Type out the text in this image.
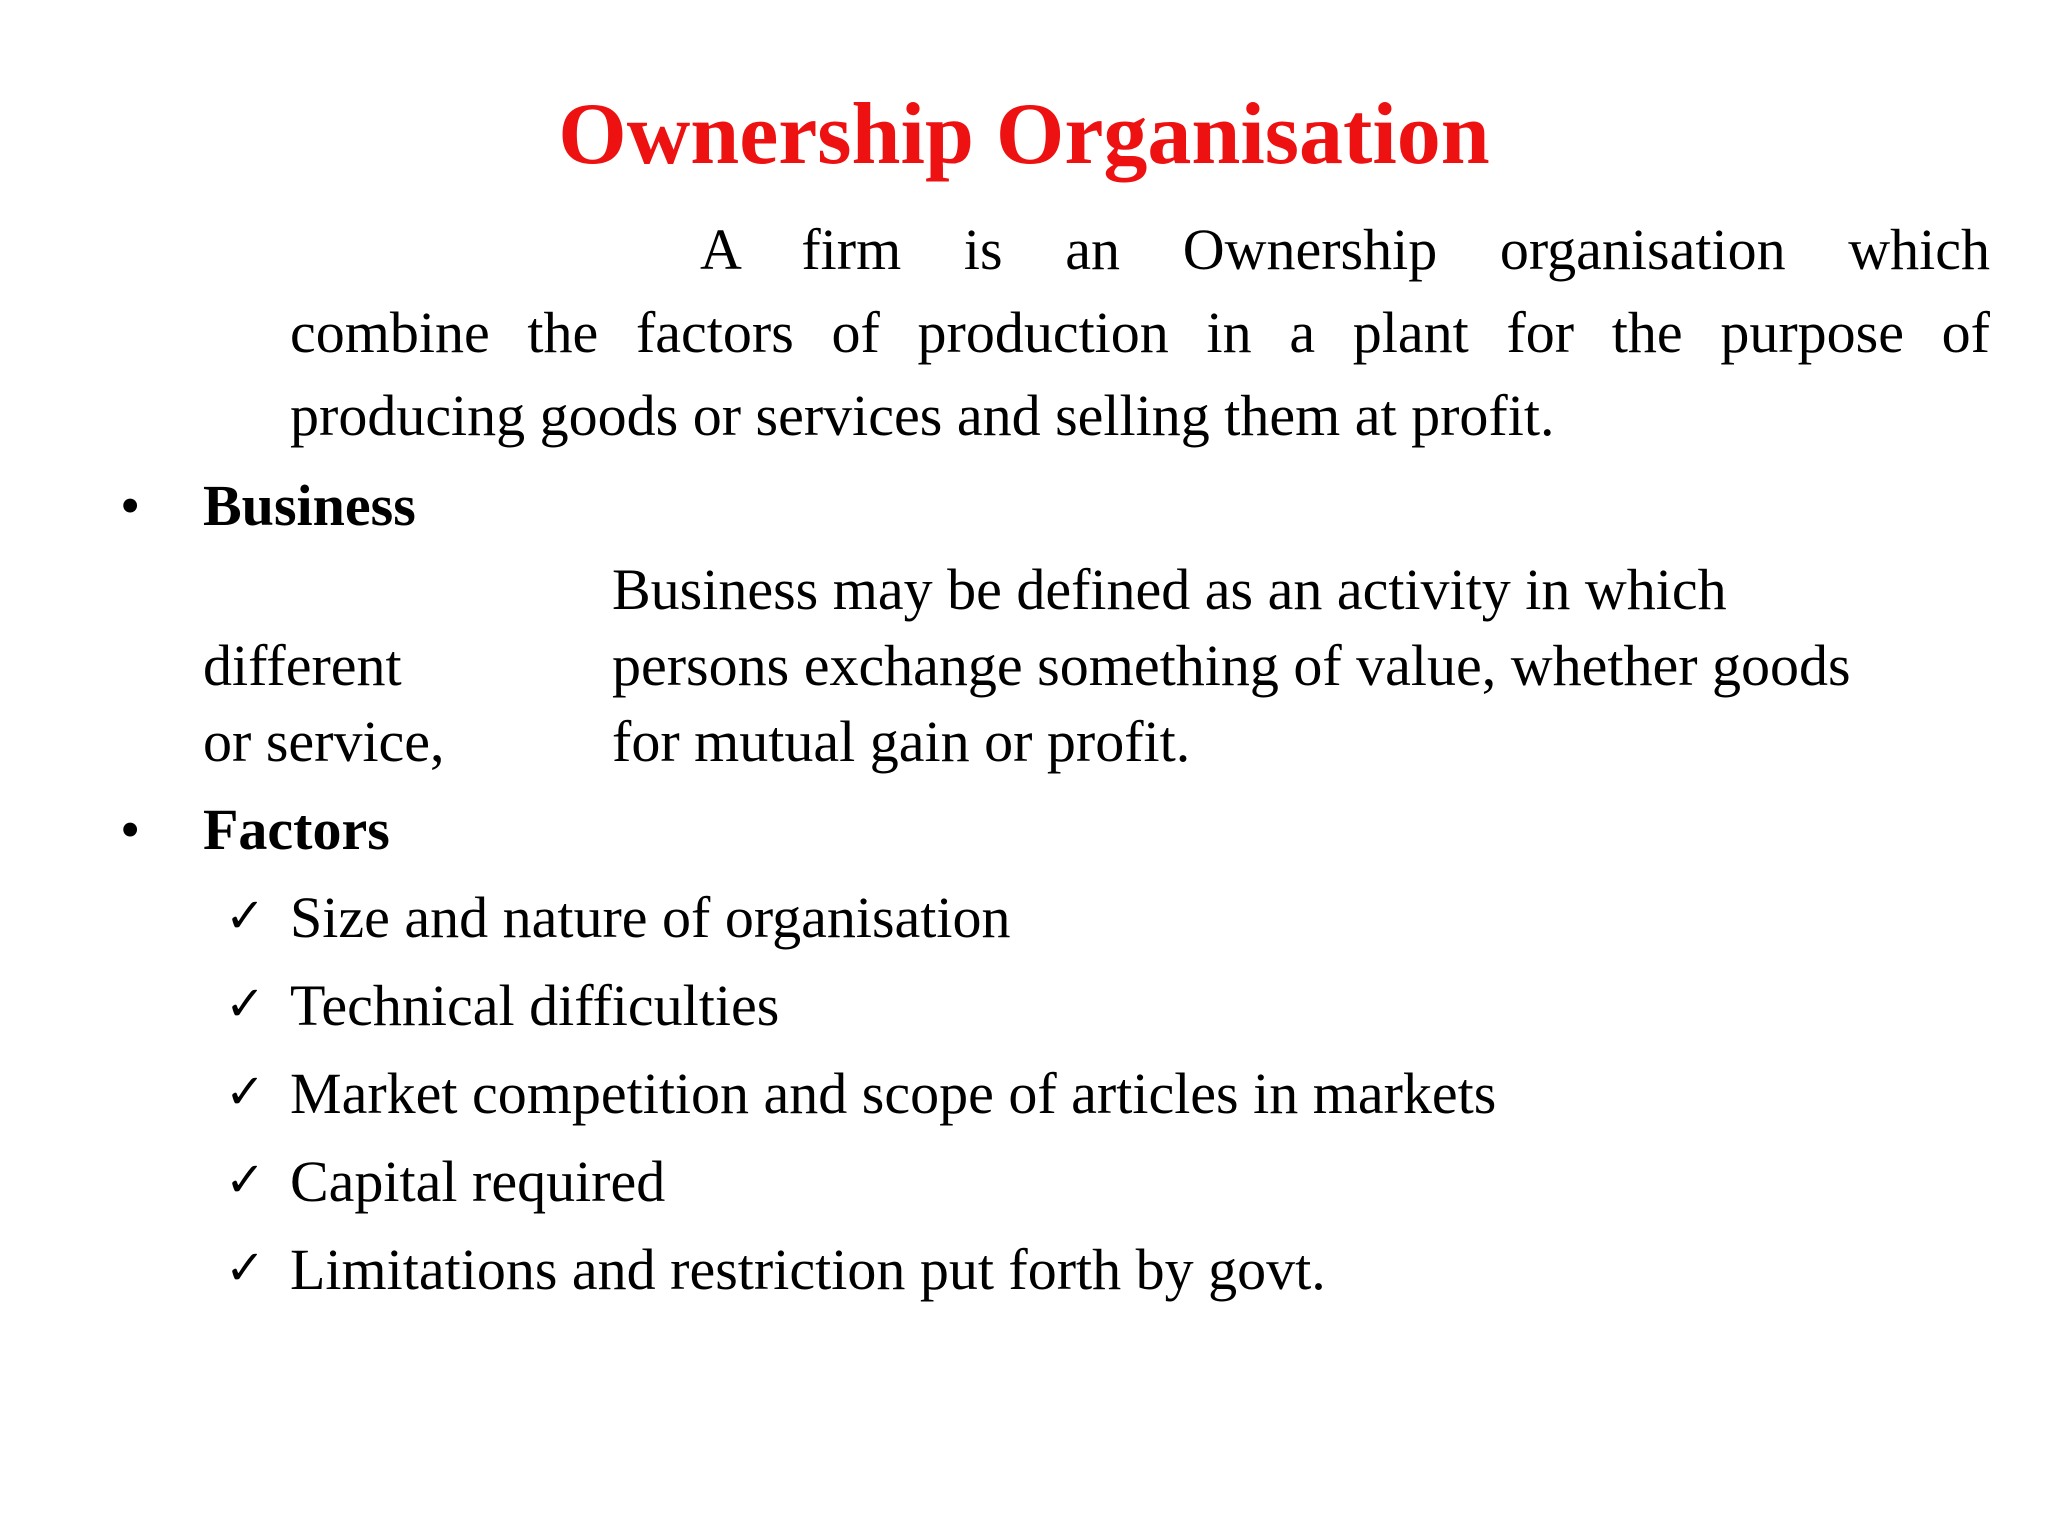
Ownership Organisation
A firm is an Ownership organisation which
combine the factors of production in a plant for the purpose of
producing goods or services and selling them at profit.
• Business
Business may be defined as an activity in which
different	persons exchange something of value, whether goods
or service,	for mutual gain or profit.
• Factors
✓ Size and nature of organisation
✓ Technical difficulties
✓ Market competition and scope of articles in markets
✓ Capital required
✓ Limitations and restriction put forth by govt.
